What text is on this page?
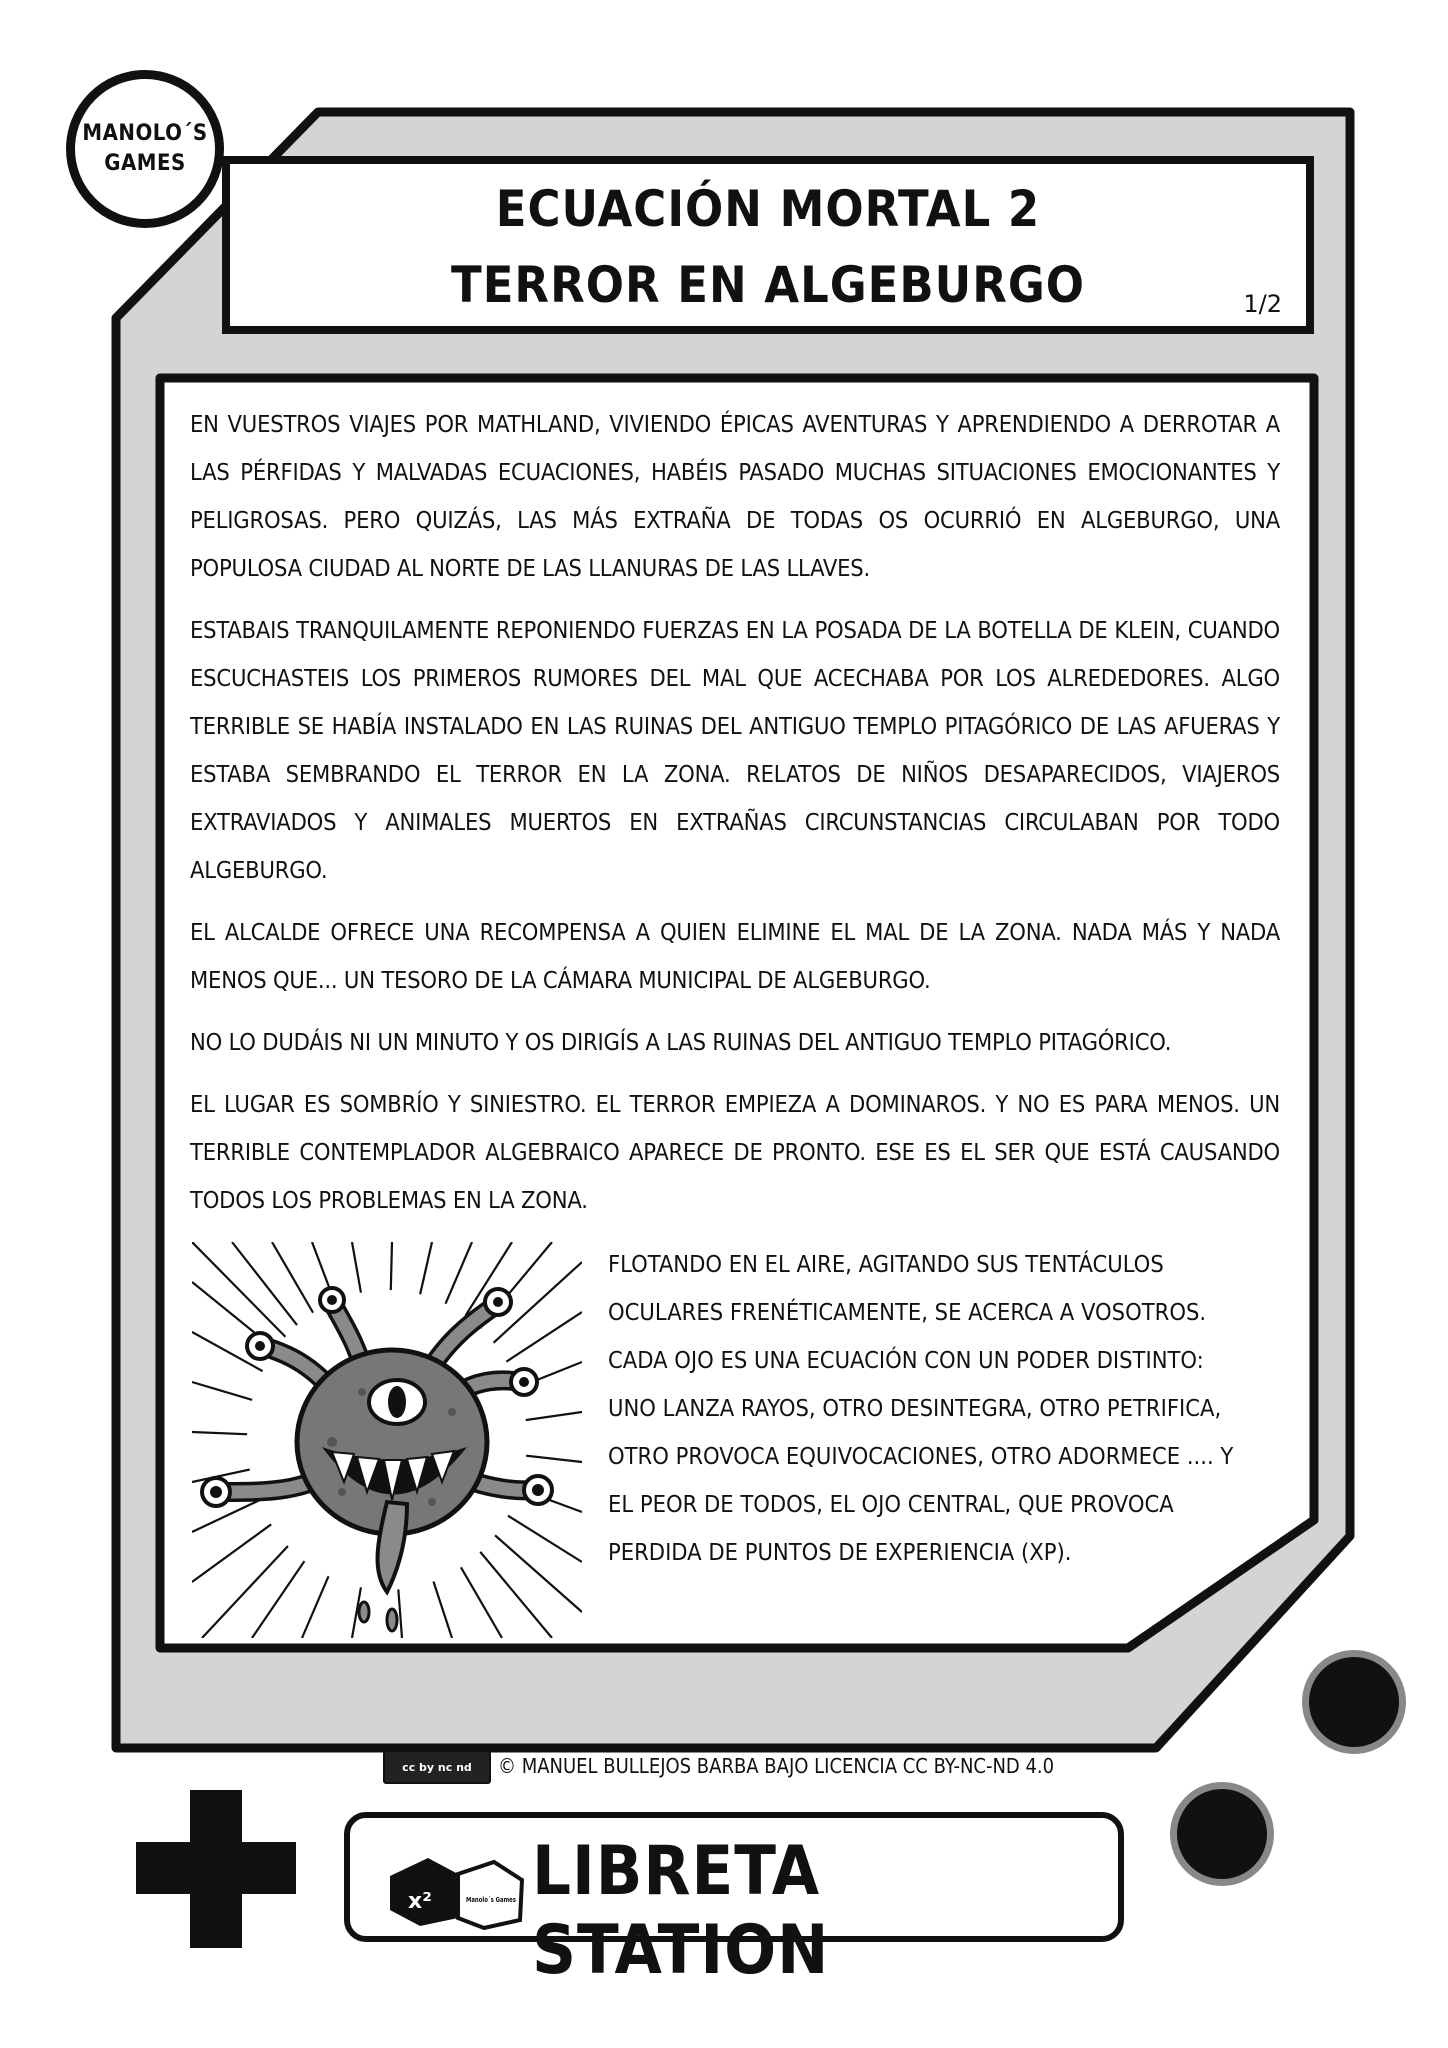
MANOLO´S
GAMES
ECUACIÓN MORTAL 2
TERROR EN ALGEBURGO	1/2

EN VUESTROS VIAJES POR MATHLAND, VIVIENDO ÉPICAS AVENTURAS Y APRENDIENDO A DERROTAR A LAS PÉRFIDAS Y MALVADAS ECUACIONES, HABÉIS PASADO MUCHAS SITUACIONES EMOCIONANTES Y PELIGROSAS. PERO QUIZÁS, LAS MÁS EXTRAÑA DE TODAS OS OCURRIÓ EN ALGEBURGO, UNA POPULOSA CIUDAD AL NORTE DE LAS LLANURAS DE LAS LLAVES.

ESTABAIS TRANQUILAMENTE REPONIENDO FUERZAS EN LA POSADA DE LA BOTELLA DE KLEIN, CUANDO ESCUCHASTEIS LOS PRIMEROS RUMORES DEL MAL QUE ACECHABA POR LOS ALREDEDORES. ALGO TERRIBLE SE HABÍA INSTALADO EN LAS RUINAS DEL ANTIGUO TEMPLO PITAGÓRICO DE LAS AFUERAS Y ESTABA SEMBRANDO EL TERROR EN LA ZONA. RELATOS DE NIÑOS DESAPARECIDOS, VIAJEROS EXTRAVIADOS Y ANIMALES MUERTOS EN EXTRAÑAS CIRCUNSTANCIAS CIRCULABAN POR TODO ALGEBURGO.

EL ALCALDE OFRECE UNA RECOMPENSA A QUIEN ELIMINE EL MAL DE LA ZONA. NADA MÁS Y NADA MENOS QUE... UN TESORO DE LA CÁMARA MUNICIPAL DE ALGEBURGO.

NO LO DUDÁIS NI UN MINUTO Y OS DIRIGÍS A LAS RUINAS DEL ANTIGUO TEMPLO PITAGÓRICO.

EL LUGAR ES SOMBRÍO Y SINIESTRO. EL TERROR EMPIEZA A DOMINAROS. Y NO ES PARA MENOS. UN TERRIBLE CONTEMPLADOR ALGEBRAICO APARECE DE PRONTO. ESE ES EL SER QUE ESTÁ CAUSANDO TODOS LOS PROBLEMAS EN LA ZONA.

FLOTANDO EN EL AIRE, AGITANDO SUS TENTÁCULOS OCULARES FRENÉTICAMENTE, SE ACERCA A VOSOTROS. CADA OJO ES UNA ECUACIÓN CON UN PODER DISTINTO: UNO LANZA RAYOS, OTRO DESINTEGRA, OTRO PETRIFICA, OTRO PROVOCA EQUIVOCACIONES, OTRO ADORMECE .... Y EL PEOR DE TODOS, EL OJO CENTRAL, QUE PROVOCA PERDIDA DE PUNTOS DE EXPERIENCIA (XP).
cc by nc nd © MANUEL BULLEJOS BARBA BAJO LICENCIA CC BY-NC-ND 4.0
x²	Manolo´s Games LIBRETA STATION
